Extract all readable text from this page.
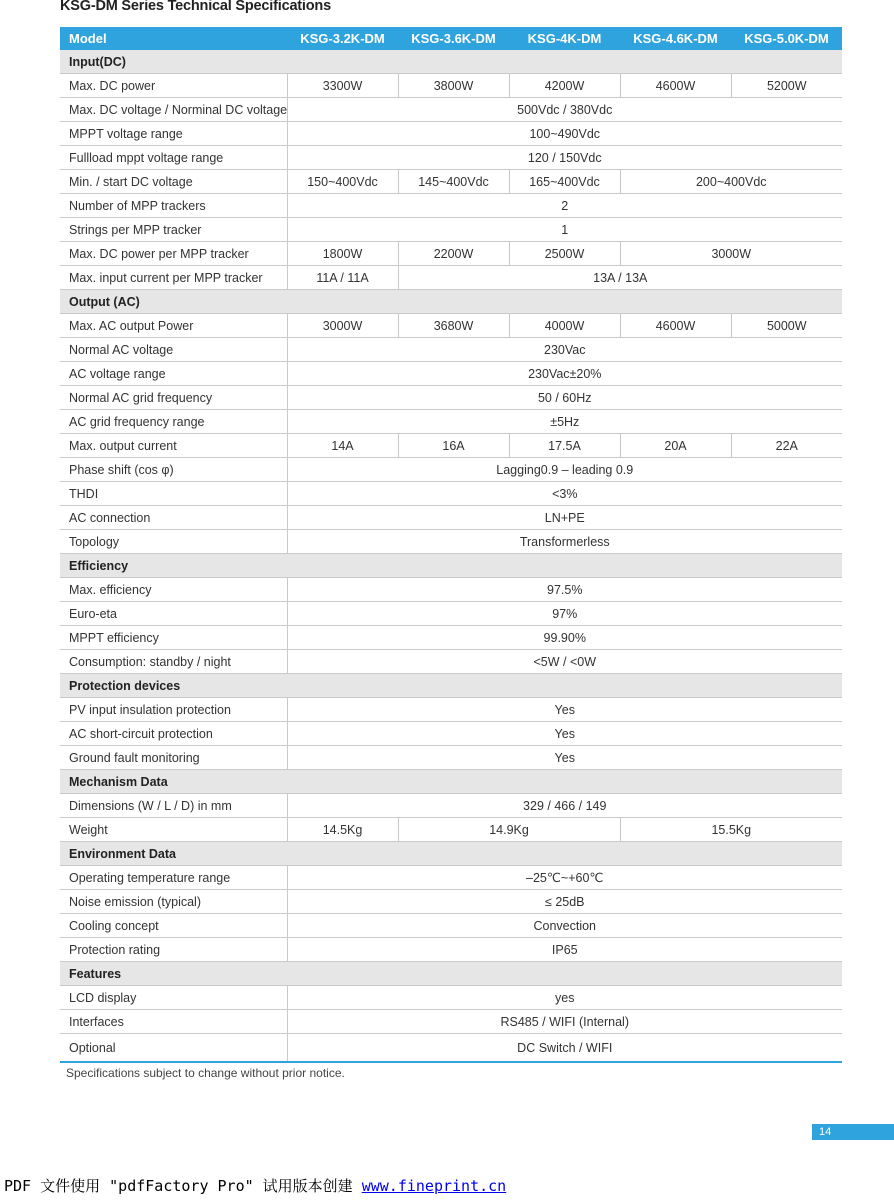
KSG-DM Series Technical Specifications
Model	KSG-3.2K-DM	KSG-3.6K-DM	KSG-4K-DM	KSG-4.6K-DM	KSG-5.0K-DM
Input(DC)					
Max. DC power	3300W	3800W	4200W	4600W	5200W
Max. DC voltage / Norminal DC voltage	500Vdc / 380Vdc				
MPPT voltage range	100~490Vdc				
Fullload mppt voltage range	120 / 150Vdc				
Min. / start DC voltage	150~400Vdc	145~400Vdc	165~400Vdc	200~400Vdc	
Number of MPP trackers	2				
Strings per MPP tracker	1				
Max. DC power per MPP tracker	1800W	2200W	2500W	3000W	
Max. input current per MPP tracker	11A / 11A	13A / 13A			
Output (AC)					
Max. AC output Power	3000W	3680W	4000W	4600W	5000W
Normal AC voltage	230Vac				
AC voltage range	230Vac±20%				
Normal AC grid frequency	50 / 60Hz				
AC grid frequency range	±5Hz				
Max. output current	14A	16A	17.5A	20A	22A
Phase shift (cos φ)	Lagging0.9 – leading 0.9				
THDI	<3%				
AC connection	LN+PE				
Topology	Transformerless				
Efficiency					
Max. efficiency	97.5%				
Euro-eta	97%				
MPPT efficiency	99.90%				
Consumption: standby / night	<5W / <0W				
Protection devices					
PV input insulation protection	Yes				
AC short-circuit protection	Yes				
Ground fault monitoring	Yes				
Mechanism Data					
Dimensions (W / L / D) in mm	329 / 466 / 149				
Weight	14.5Kg	14.9Kg		15.5Kg	
Environment Data					
Operating temperature range	–25℃~+60℃				
Noise emission (typical)	≤ 25dB				
Cooling concept	Convection				
Protection rating	IP65				
Features					
LCD display	yes				
Interfaces	RS485 / WIFI (Internal)				
Optional	DC Switch / WIFI				
Specifications subject to change without prior notice.
14
PDF 文件使用 "pdfFactory Pro" 试用版本创建 www.fineprint.cn
